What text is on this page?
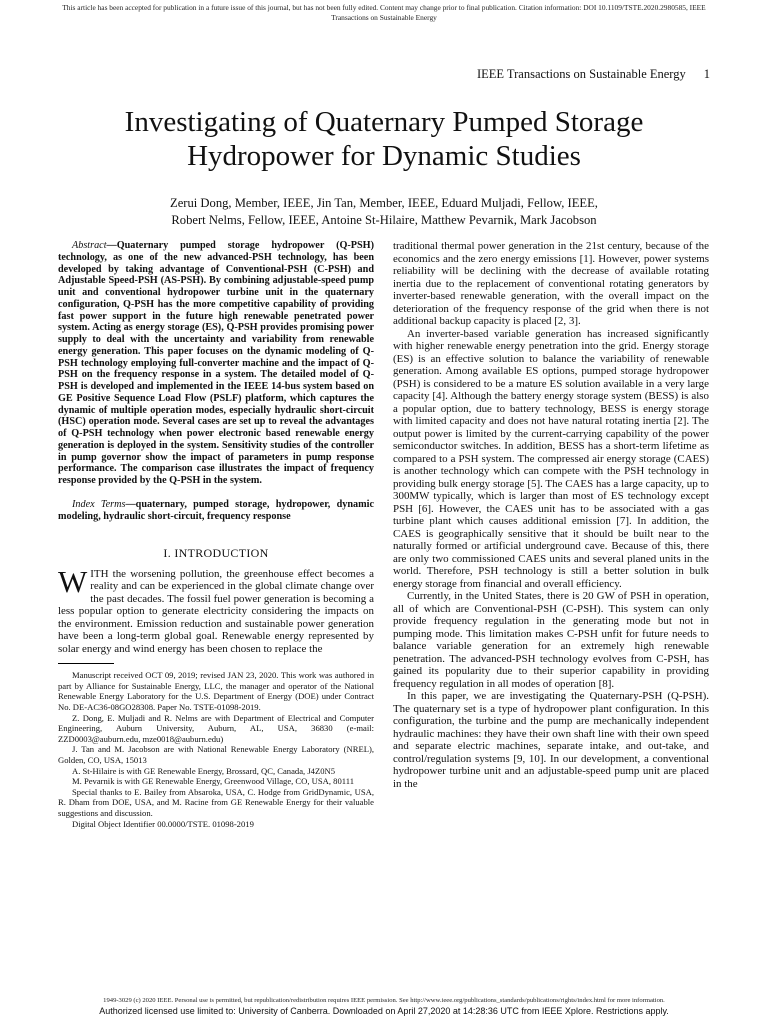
This article has been accepted for publication in a future issue of this journal, but has not been fully edited. Content may change prior to final publication. Citation information: DOI 10.1109/TSTE.2020.2980585, IEEE
Transactions on Sustainable Energy
IEEE Transactions on Sustainable Energy 1
Investigating of Quaternary Pumped Storage
Hydropower for Dynamic Studies
Zerui Dong, Member, IEEE, Jin Tan, Member, IEEE, Eduard Muljadi, Fellow, IEEE,
Robert Nelms, Fellow, IEEE, Antoine St-Hilaire, Matthew Pevarnik, Mark Jacobson

Abstract—Quaternary pumped storage hydropower (Q-PSH) technology, as one of the new advanced-PSH technology, has been developed by taking advantage of Conventional-PSH (C-PSH) and Adjustable Speed-PSH (AS-PSH). By combining adjustable-speed pump unit and conventional hydropower turbine unit in the quaternary configuration, Q-PSH has the more competitive capability of providing fast power support in the future high renewable penetrated power system. Acting as energy storage (ES), Q-PSH provides promising power supply to deal with the uncertainty and variability from renewable energy generation. This paper focuses on the dynamic modeling of Q-PSH technology employing full-converter machine and the impact of Q-PSH on the frequency response in a system. The detailed model of Q-PSH is developed and implemented in the IEEE 14-bus system based on GE Positive Sequence Load Flow (PSLF) platform, which captures the dynamic of multiple operation modes, especially hydraulic short-circuit (HSC) operation mode. Several cases are set up to reveal the advantages of Q-PSH technology when power electronic based renewable energy generation is deployed in the system. Sensitivity studies of the controller in pump governor show the impact of parameters in pump response performance. The comparison case illustrates the impact of frequency response provided by the Q-PSH in the system.

Index Terms—quaternary, pumped storage, hydropower, dynamic modeling, hydraulic short-circuit, frequency response

I. INTRODUCTION

WITH the worsening pollution, the greenhouse effect becomes a reality and can be experienced in the global climate change over the past decades. The fossil fuel power generation is becoming a less popular option to generate electricity considering the impacts on the environment. Emission reduction and sustainable power generation have been a long-term global goal. Renewable energy represented by solar energy and wind energy has been chosen to replace the

Manuscript received OCT 09, 2019; revised JAN 23, 2020. This work was authored in part by Alliance for Sustainable Energy, LLC, the manager and operator of the National Renewable Energy Laboratory for the U.S. Department of Energy (DOE) under Contract No. DE-AC36-08GO28308. Paper No. TSTE-01098-2019.

Z. Dong, E. Muljadi and R. Nelms are with Department of Electrical and Computer Engineering, Auburn University, Auburn, AL, USA, 36830 (e-mail: ZZD0003@auburn.edu, mze0018@auburn.edu)

J. Tan and M. Jacobson are with National Renewable Energy Laboratory (NREL), Golden, CO, USA, 15013

A. St-Hilaire is with GE Renewable Energy, Brossard, QC, Canada, J4Z0N5

M. Pevarnik is with GE Renewable Energy, Greenwood Village, CO, USA, 80111

Special thanks to E. Bailey from Absaroka, USA, C. Hodge from GridDynamic, USA, R. Dham from DOE, USA, and M. Racine from GE Renewable Energy for their valuable suggestions and discussion.

Digital Object Identifier 00.0000/TSTE. 01098-2019

traditional thermal power generation in the 21st century, because of the economics and the zero energy emissions [1]. However, power systems reliability will be declining with the decrease of available rotating inertia due to the replacement of conventional rotating generators by inverter-based renewable generation, with the overall impact on the deterioration of the frequency response of the grid when there is not additional backup capacity is placed [2, 3].

An inverter-based variable generation has increased significantly with higher renewable energy penetration into the grid. Energy storage (ES) is an effective solution to balance the variability of renewable generation. Among available ES options, pumped storage hydropower (PSH) is considered to be a mature ES solution available in a very large capacity [4]. Although the battery energy storage system (BESS) is also a popular option, due to battery technology, BESS is energy storage with limited capacity and does not have natural rotating inertia [2]. The output power is limited by the current-carrying capability of the power semiconductor switches. In addition, BESS has a short-term lifetime as compared to a PSH system. The compressed air energy storage (CAES) is another technology which can compete with the PSH technology in providing bulk energy storage [5]. The CAES has a large capacity, up to 300MW typically, which is larger than most of ES technology except PSH [6]. However, the CAES unit has to be associated with a gas turbine plant which causes additional emission [7]. In addition, the CAES is geographically sensitive that it should be built near to the naturally formed or artificial underground cave. Because of this, there are only two commissioned CAES units and several planed units in the world. Therefore, PSH technology is still a better solution in bulk energy storage from financial and overall efficiency.

Currently, in the United States, there is 20 GW of PSH in operation, all of which are Conventional-PSH (C-PSH). This system can only provide frequency regulation in the generating mode but not in pumping mode. This limitation makes C-PSH unfit for future needs to balance variable generation for an extremely high renewable penetration. The advanced-PSH technology evolves from C-PSH, has gained its popularity due to their superior capability in providing frequency regulation in all modes of operation [8].

In this paper, we are investigating the Quaternary-PSH (Q-PSH). The quaternary set is a type of hydropower plant configuration. In this configuration, the turbine and the pump are mechanically independent hydraulic machines: they have their own shaft line with their own speed and separate electric machines, separate intake, and out-take, and control/regulation systems [9, 10]. In our development, a conventional hydropower turbine unit and an adjustable-speed pump unit are placed in the

1949-3029 (c) 2020 IEEE. Personal use is permitted, but republication/redistribution requires IEEE permission. See http://www.ieee.org/publications_standards/publications/rights/index.html for more information.
Authorized licensed use limited to: University of Canberra. Downloaded on April 27,2020 at 14:28:36 UTC from IEEE Xplore. Restrictions apply.
